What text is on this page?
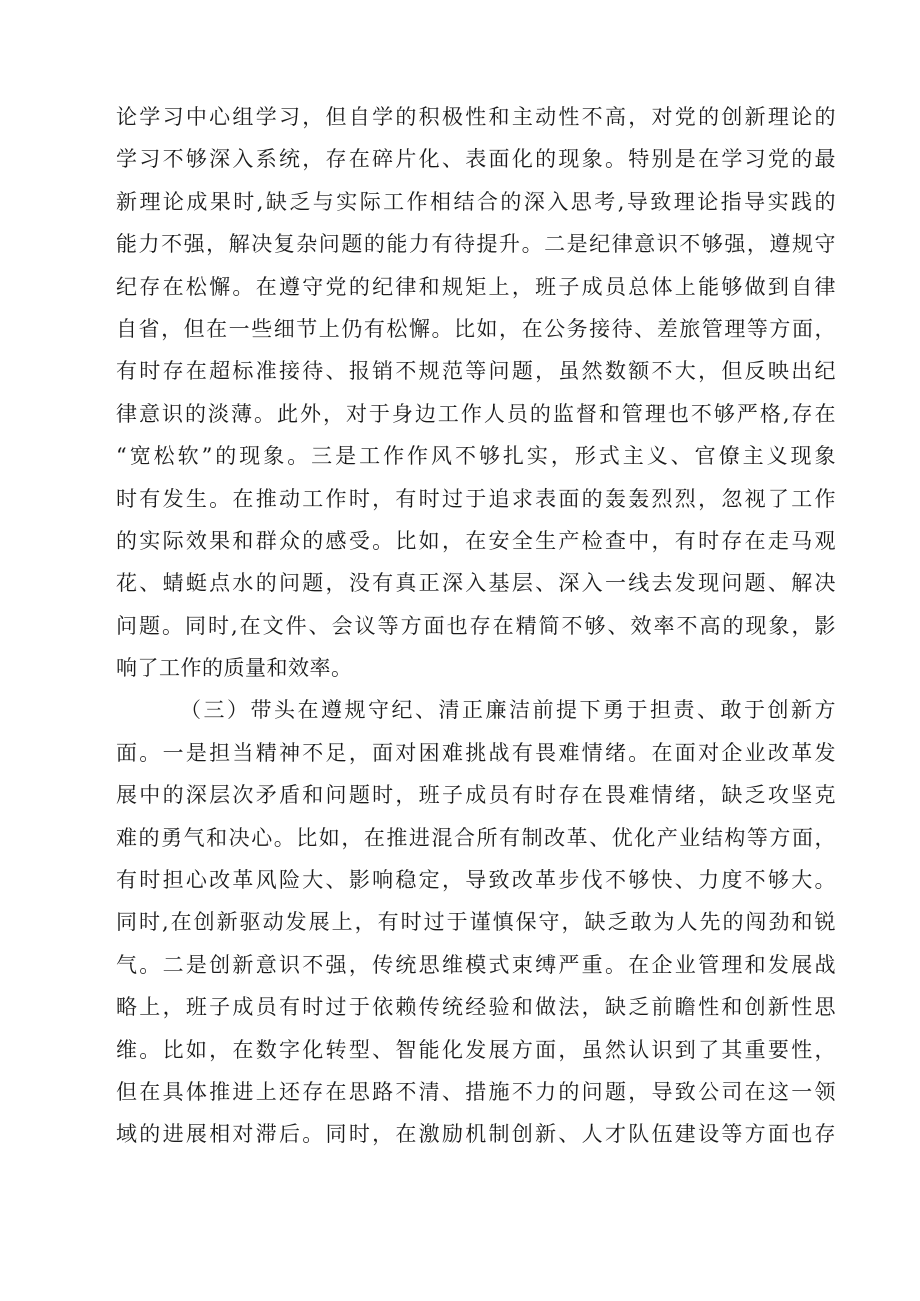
论学习中心组学习，但自学的积极性和主动性不高，对党的创新理论的
学习不够深入系统，存在碎片化、表面化的现象。特别是在学习党的最
新理论成果时,缺乏与实际工作相结合的深入思考,导致理论指导实践的
能力不强，解决复杂问题的能力有待提升。二是纪律意识不够强，遵规守
纪存在松懈。在遵守党的纪律和规矩上，班子成员总体上能够做到自律
自省，但在一些细节上仍有松懈。比如，在公务接待、差旅管理等方面，
有时存在超标准接待、报销不规范等问题，虽然数额不大，但反映出纪
律意识的淡薄。此外，对于身边工作人员的监督和管理也不够严格,存在
“宽松软”的现象。三是工作作风不够扎实，形式主义、官僚主义现象
时有发生。在推动工作时，有时过于追求表面的轰轰烈烈，忽视了工作
的实际效果和群众的感受。比如，在安全生产检查中，有时存在走马观
花、蜻蜓点水的问题，没有真正深入基层、深入一线去发现问题、解决
问题。同时,在文件、会议等方面也存在精简不够、效率不高的现象，影
响了工作的质量和效率。
（三）带头在遵规守纪、清正廉洁前提下勇于担责、敢于创新方
面。一是担当精神不足，面对困难挑战有畏难情绪。在面对企业改革发
展中的深层次矛盾和问题时，班子成员有时存在畏难情绪，缺乏攻坚克
难的勇气和决心。比如，在推进混合所有制改革、优化产业结构等方面，
有时担心改革风险大、影响稳定，导致改革步伐不够快、力度不够大。
同时,在创新驱动发展上，有时过于谨慎保守，缺乏敢为人先的闯劲和锐
气。二是创新意识不强，传统思维模式束缚严重。在企业管理和发展战
略上，班子成员有时过于依赖传统经验和做法，缺乏前瞻性和创新性思
维。比如，在数字化转型、智能化发展方面，虽然认识到了其重要性，
但在具体推进上还存在思路不清、措施不力的问题，导致公司在这一领
域的进展相对滞后。同时，在激励机制创新、人才队伍建设等方面也存
